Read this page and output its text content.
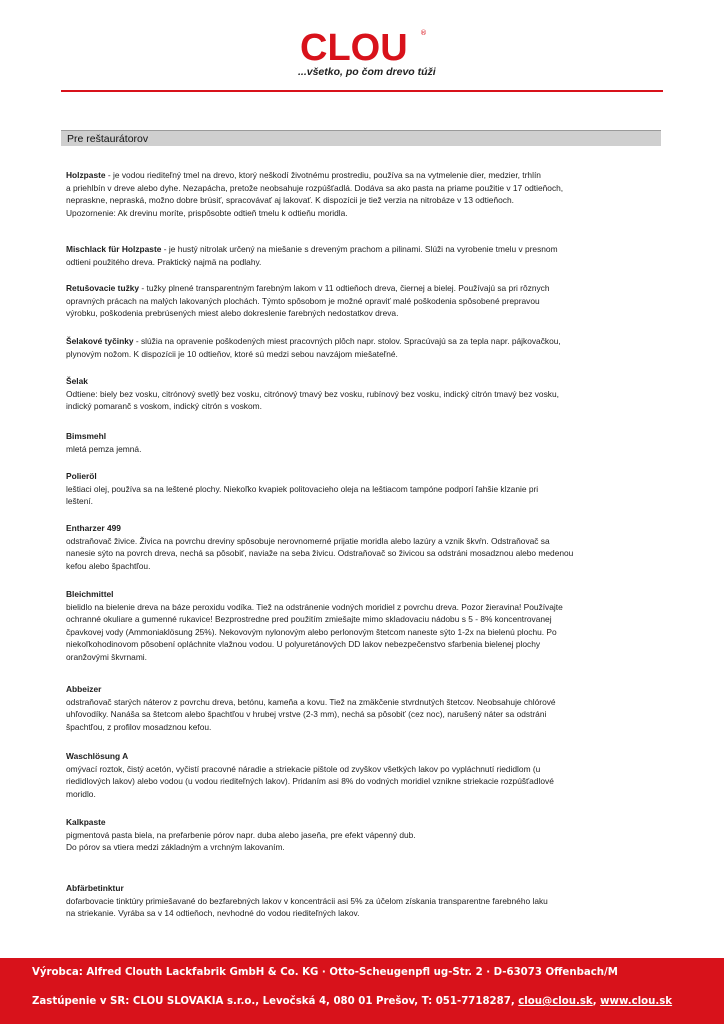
CLOU ®
...všetko, po čom drevo túži
Pre reštaurátorov
Holzpaste - je vodou riediteľný tmel na drevo, ktorý neškodí životnému prostrediu, používa sa na vytmelenie dier, medzier, trhlín
a priehlbín v dreve alebo dyhe. Nezapácha, pretože neobsahuje rozpúšťadlá. Dodáva sa ako pasta na priame použitie v 17 odtieňoch,
nepraskne, nepraská, možno dobre brúsiť, spracovávať aj lakovať. K dispozícii je tiež verzia na nitrobáze v 13 odtieňoch.
Upozornenie: Ak drevinu moríte, prispôsobte odtieň tmelu k odtieňu moridla.
Mischlack für Holzpaste - je hustý nitrolak určený na miešanie s dreveným prachom a pilinami. Slúži na vyrobenie tmelu v presnom
odtieni použitého dreva. Praktický najmä na podlahy.
Retušovacie tužky - tužky plnené transparentným farebným lakom v 11 odtieňoch dreva, čiernej a bielej. Používajú sa pri rôznych
opravných prácach na malých lakovaných plochách. Týmto spôsobom je možné opraviť malé poškodenia spôsobené prepravou
výrobku, poškodenia prebrúsených miest alebo dokreslenie farebných nedostatkov dreva.
Šelakové tyčinky - slúžia na opravenie poškodených miest pracovných plôch napr. stolov. Spracúvajú sa za tepla napr. pájkovačkou,
plynovým nožom. K dispozícii je 10 odtieňov, ktoré sú medzi sebou navzájom miešateľné.
Šelak
Odtiene: biely bez vosku, citrónový svetlý bez vosku, citrónový tmavý bez vosku, rubínový bez vosku, indický citrón tmavý bez vosku,
indický pomaranč s voskom, indický citrón s voskom.
Bimsmehl
mletá pemza jemná.
Polieröl
leštiaci olej, používa sa na leštené plochy. Niekoľko kvapiek politovacieho oleja na leštiacom tampóne podporí ľahšie klzanie pri
leštení.
Entharzer 499
odstraňovač živice. Živica na povrchu dreviny spôsobuje nerovnomerné prijatie moridla alebo lazúry a vznik škvŕn. Odstraňovač sa
nanesie sýto na povrch dreva, nechá sa pôsobiť, naviaže na seba živicu. Odstraňovač so živicou sa odstráni mosadznou alebo medenou
kefou alebo špachtľou.
Bleichmittel
bielidlo na bielenie dreva na báze peroxidu vodíka. Tiež na odstránenie vodných moridiel z povrchu dreva. Pozor žieravina! Používajte
ochranné okuliare a gumenné rukavice! Bezprostredne pred použitím zmiešajte mimo skladovaciu nádobu s 5 - 8% koncentrovanej
čpavkovej vody (Ammoniaklösung 25%). Nekovovým nylonovým alebo perlonovým štetcom naneste sýto 1-2x na bielenú plochu. Po
niekoľkohodinovom pôsobení opláchnite vlažnou vodou. U polyuretánových DD lakov nebezpečenstvo sfarbenia bielenej plochy
oranžovými škvrnami.
Abbeizer
odstraňovač starých náterov z povrchu dreva, betónu, kameňa a kovu. Tiež na zmäkčenie stvrdnutých štetcov. Neobsahuje chlórové
uhľovodíky. Nanáša sa štetcom alebo špachtľou v hrubej vrstve (2-3 mm), nechá sa pôsobiť (cez noc), narušený náter sa odstráni
špachtľou, z profilov mosadznou kefou.
Waschlösung A
omývací roztok, čistý acetón, vyčistí pracovné náradie a striekacie pištole od zvyškov všetkých lakov po vypláchnutí riedidlom (u
riedidlových lakov) alebo vodou (u vodou riediteľných lakov). Pridaním asi 8% do vodných moridiel vznikne striekacie rozpúšťadlové
moridlo.
Kalkpaste
pigmentová pasta biela, na prefarbenie pórov napr. duba alebo jaseňa, pre efekt vápenný dub.
Do pórov sa vtiera medzi základným a vrchným lakovaním.
Abfärbetinktur
dofarbovacie tinktúry primiešavané do bezfarebných lakov v koncentrácii asi 5% za účelom získania transparentne farebného laku
na striekanie. Vyrába sa v 14 odtieňoch, nevhodné do vodou riediteľných lakov.
Výrobca: Alfred Clouth Lackfabrik GmbH & Co. KG · Otto-Scheugenpfl ug-Str. 2 · D-63073 Offenbach/M
Zastúpenie v SR: CLOU SLOVAKIA s.r.o., Levočská 4, 080 01 Prešov, T: 051-7718287, clou@clou.sk, www.clou.sk
